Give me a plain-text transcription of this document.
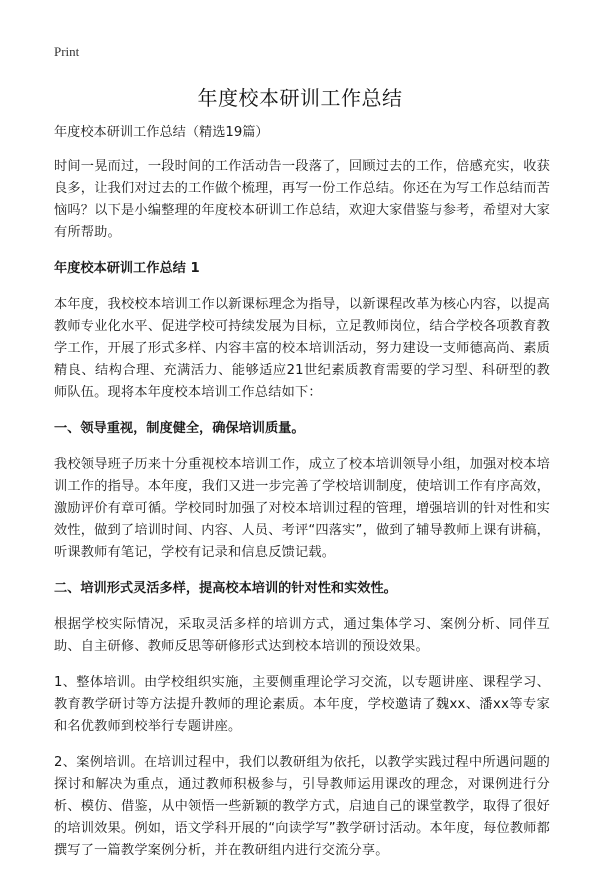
Print
年度校本研训工作总结

年度校本研训工作总结（精选19篇）

时间一晃而过，一段时间的工作活动告一段落了，回顾过去的工作，倍感充实，收获良多，让我们对过去的工作做个梳理，再写一份工作总结。你还在为写工作总结而苦恼吗？以下是小编整理的年度校本研训工作总结，欢迎大家借鉴与参考，希望对大家有所帮助。

年度校本研训工作总结 1

本年度，我校校本培训工作以新课标理念为指导，以新课程改革为核心内容，以提高教师专业化水平、促进学校可持续发展为目标，立足教师岗位，结合学校各项教育教学工作，开展了形式多样、内容丰富的校本培训活动，努力建设一支师德高尚、素质精良、结构合理、充满活力、能够适应21世纪素质教育需要的学习型、科研型的教师队伍。现将本年度校本培训工作总结如下：

一、领导重视，制度健全，确保培训质量。

我校领导班子历来十分重视校本培训工作，成立了校本培训领导小组，加强对校本培训工作的指导。本年度，我们又进一步完善了学校培训制度，使培训工作有序高效，激励评价有章可循。学校同时加强了对校本培训过程的管理，增强培训的针对性和实效性，做到了培训时间、内容、人员、考评“四落实”，做到了辅导教师上课有讲稿，听课教师有笔记，学校有记录和信息反馈记载。

二、培训形式灵活多样，提高校本培训的针对性和实效性。

根据学校实际情况，采取灵活多样的培训方式，通过集体学习、案例分析、同伴互助、自主研修、教师反思等研修形式达到校本培训的预设效果。

1、整体培训。由学校组织实施，主要侧重理论学习交流，以专题讲座、课程学习、教育教学研讨等方法提升教师的理论素质。本年度，学校邀请了魏xx、潘xx等专家和名优教师到校举行专题讲座。

2、案例培训。在培训过程中，我们以教研组为依托，以教学实践过程中所遇问题的探讨和解决为重点，通过教师积极参与，引导教师运用课改的理念，对课例进行分析、模仿、借鉴，从中领悟一些新颖的教学方式，启迪自己的课堂教学，取得了很好的培训效果。例如，语文学科开展的“向读学写”教学研讨活动。本年度，每位教师都撰写了一篇教学案例分析，并在教研组内进行交流分享。
